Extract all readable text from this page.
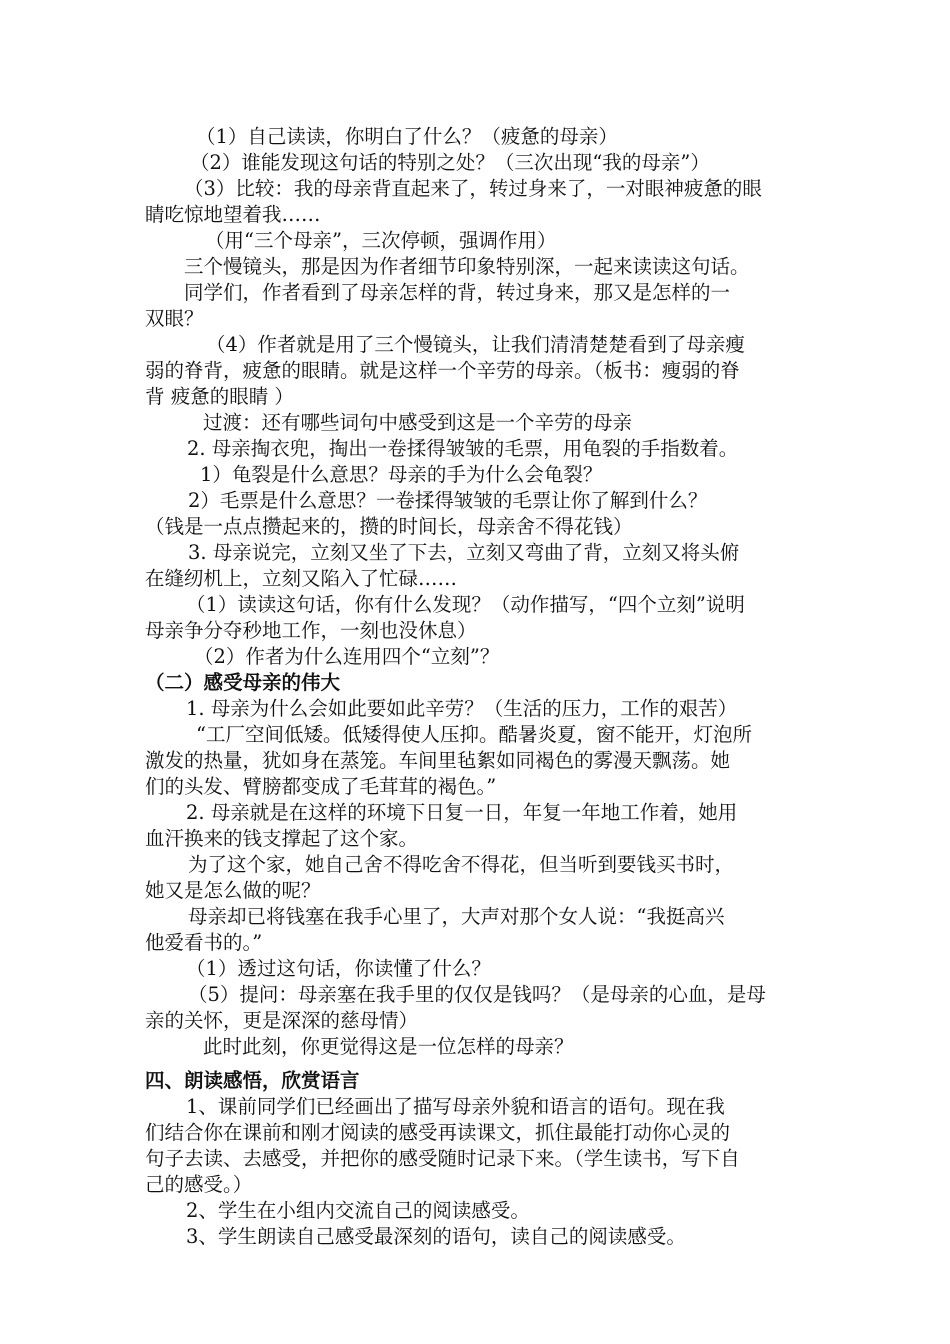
（1）自己读读，你明白了什么？（疲惫的母亲）
（2）谁能发现这句话的特别之处？（三次出现“我的母亲”）
（3）比较：我的母亲背直起来了，转过身来了，一对眼神疲惫的眼
睛吃惊地望着我……
（用“三个母亲”，三次停顿，强调作用）
三个慢镜头，那是因为作者细节印象特别深，一起来读读这句话。
同学们，作者看到了母亲怎样的背，转过身来，那又是怎样的一
双眼？
（4）作者就是用了三个慢镜头，让我们清清楚楚看到了母亲瘦
弱的脊背，疲惫的眼睛。就是这样一个辛劳的母亲。（板书：瘦弱的脊
背 疲惫的眼睛 ）
过渡：还有哪些词句中感受到这是一个辛劳的母亲
2. 母亲掏衣兜，掏出一卷揉得皱皱的毛票，用龟裂的手指数着。
1）龟裂是什么意思？母亲的手为什么会龟裂？
2）毛票是什么意思？一卷揉得皱皱的毛票让你了解到什么？
（钱是一点点攒起来的，攒的时间长，母亲舍不得花钱）
3. 母亲说完，立刻又坐了下去，立刻又弯曲了背，立刻又将头俯
在缝纫机上，立刻又陷入了忙碌……
（1）读读这句话，你有什么发现？（动作描写，“四个立刻”说明
母亲争分夺秒地工作，一刻也没休息）
（2）作者为什么连用四个“立刻”？
（二）感受母亲的伟大
1. 母亲为什么会如此要如此辛劳？（生活的压力，工作的艰苦）
“工厂空间低矮。低矮得使人压抑。酷暑炎夏，窗不能开，灯泡所
激发的热量，犹如身在蒸笼。车间里毡絮如同褐色的雾漫天飘荡。她
们的头发、臂膀都变成了毛茸茸的褐色。”
2. 母亲就是在这样的环境下日复一日，年复一年地工作着，她用
血汗换来的钱支撑起了这个家。
为了这个家，她自己舍不得吃舍不得花，但当听到要钱买书时，
她又是怎么做的呢？
母亲却已将钱塞在我手心里了，大声对那个女人说：“我挺高兴
他爱看书的。”
（1）透过这句话，你读懂了什么？
（5）提问：母亲塞在我手里的仅仅是钱吗？（是母亲的心血，是母
亲的关怀，更是深深的慈母情）
此时此刻，你更觉得这是一位怎样的母亲？
四、朗读感悟，欣赏语言
1、课前同学们已经画出了描写母亲外貌和语言的语句。现在我
们结合你在课前和刚才阅读的感受再读课文，抓住最能打动你心灵的
句子去读、去感受，并把你的感受随时记录下来。（学生读书，写下自
己的感受。）
2、学生在小组内交流自己的阅读感受。
3、学生朗读自己感受最深刻的语句，读自己的阅读感受。
